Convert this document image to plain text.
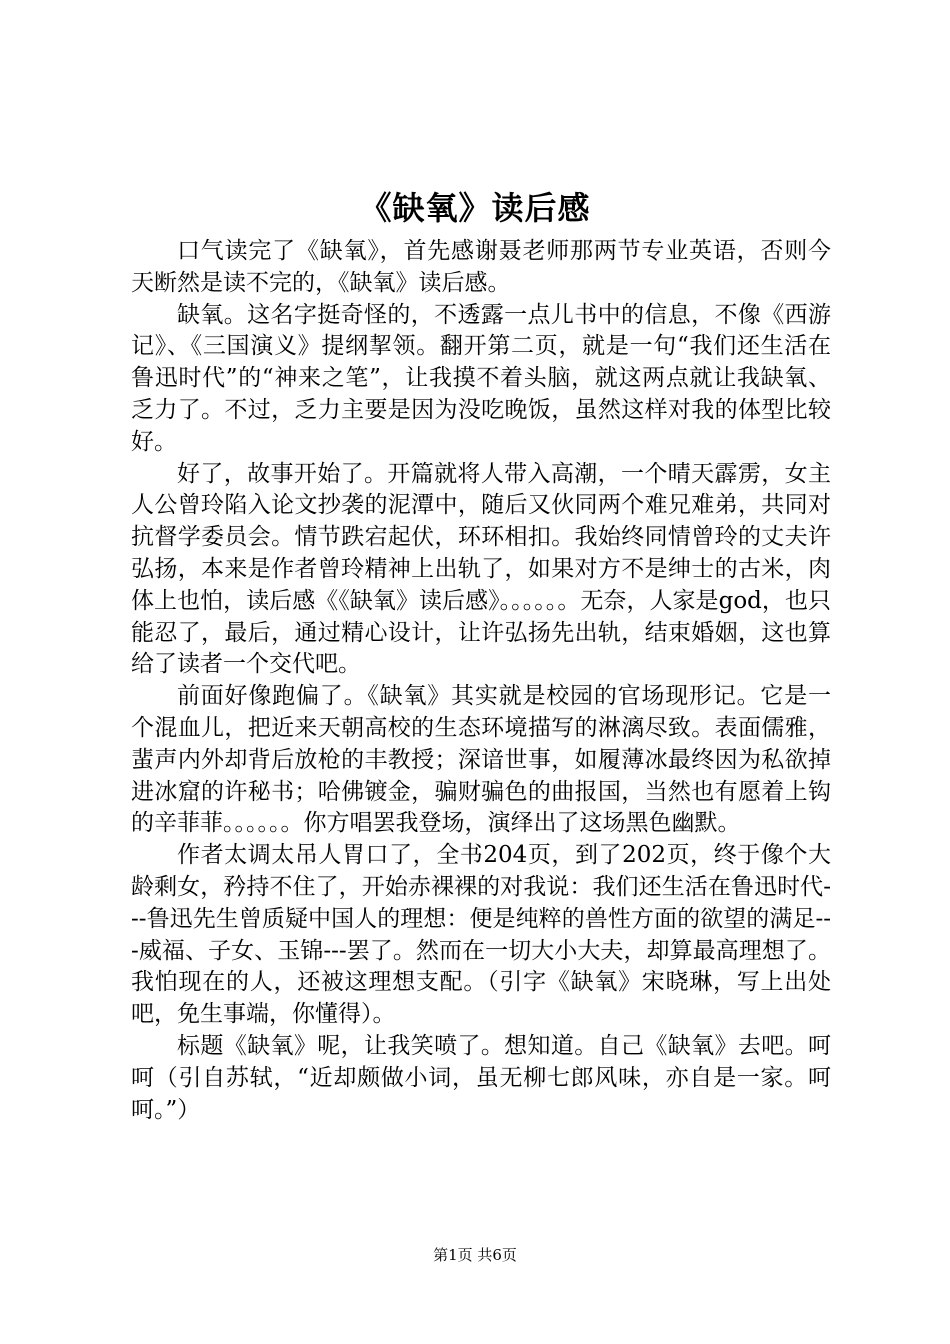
《缺氧》读后感

口气读完了《缺氧》，首先感谢聂老师那两节专业英语，否则今天断然是读不完的，《缺氧》读后感。

缺氧。这名字挺奇怪的，不透露一点儿书中的信息，不像《西游记》、《三国演义》提纲挈领。翻开第二页，就是一句“我们还生活在鲁迅时代”的“神来之笔”，让我摸不着头脑，就这两点就让我缺氧、乏力了。不过，乏力主要是因为没吃晚饭，虽然这样对我的体型比较好。

好了，故事开始了。开篇就将人带入高潮，一个晴天霹雳，女主人公曾玲陷入论文抄袭的泥潭中，随后又伙同两个难兄难弟，共同对抗督学委员会。情节跌宕起伏，环环相扣。我始终同情曾玲的丈夫许弘扬，本来是作者曾玲精神上出轨了，如果对方不是绅士的古米，肉体上也怕，读后感《《缺氧》读后感》。。。。。。无奈，人家是god，也只能忍了，最后，通过精心设计，让许弘扬先出轨，结束婚姻，这也算给了读者一个交代吧。

前面好像跑偏了。《缺氧》其实就是校园的官场现形记。它是一个混血儿，把近来天朝高校的生态环境描写的淋漓尽致。表面儒雅，蜚声内外却背后放枪的丰教授；深谙世事，如履薄冰最终因为私欲掉进冰窟的许秘书；哈佛镀金，骗财骗色的曲报国，当然也有愿着上钩的辛菲菲。。。。。。你方唱罢我登场，演绎出了这场黑色幽默。

作者太调太吊人胃口了，全书204页，到了202页，终于像个大龄剩女，矜持不住了，开始赤裸裸的对我说：我们还生活在鲁迅时代---鲁迅先生曾质疑中国人的理想：便是纯粹的兽性方面的欲望的满足---威福、子女、玉锦---罢了。然而在一切大小大夫，却算最高理想了。我怕现在的人，还被这理想支配。（引字《缺氧》宋晓琳，写上出处吧，免生事端，你懂得）。

标题《缺氧》呢，让我笑喷了。想知道。自己《缺氧》去吧。呵呵（引自苏轼，“近却颇做小词，虽无柳七郎风味，亦自是一家。呵呵。”）

第1页 共6页
